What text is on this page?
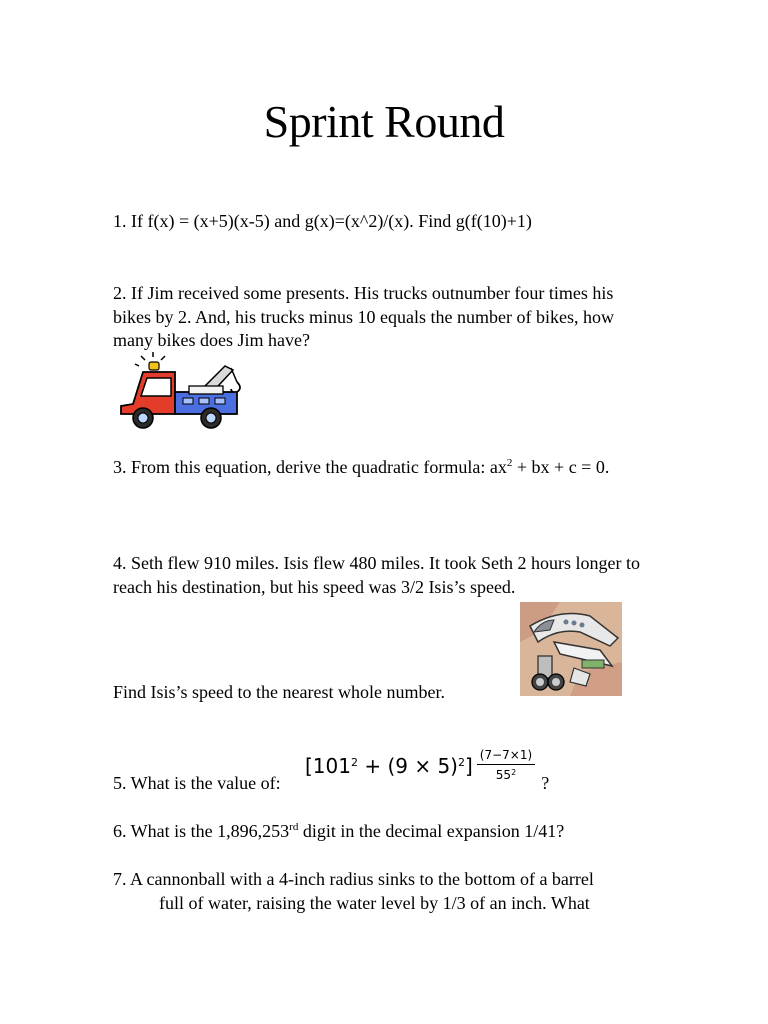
Sprint Round

1. If f(x) = (x+5)(x-5) and g(x)=(x^2)/(x). Find g(f(10)+1)

2. If Jim received some presents. His trucks outnumber four times his bikes by 2. And, his trucks minus 10 equals the number of bikes, how many bikes does Jim have?

3. From this equation, derive the quadratic formula: $ax^2$ + bx + c = 0.

4. Seth flew 910 miles. Isis flew 480 miles. It took Seth 2 hours longer to reach his destination, but his speed was 3/2 Isis’s speed.

Find Isis’s speed to the nearest whole number.

5. What is the value of:

$[101^2 + (9 \times 5)^2] \frac{(7-7\times 1)}{55^2}$
?

6. What is the 1,896,253rd digit in the decimal expansion 1/41?

7. A cannonball with a 4-inch radius sinks to the bottom of a barrel
full of water, raising the water level by 1/3 of an inch. What
